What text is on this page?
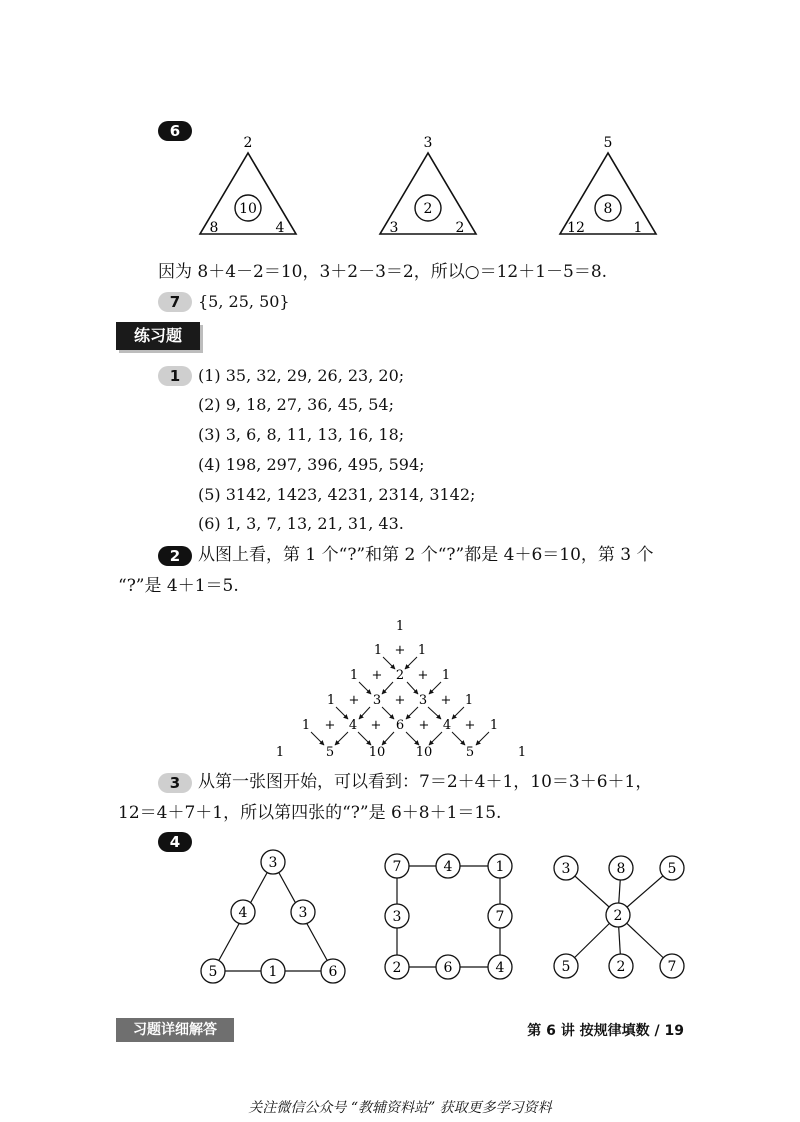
6
2
10
8	4
3
2
3	2
5
8
12	1
因为 8＋4－2＝10，3＋2－3＝2，所以○＝12＋1－5＝8.
7	{5, 25, 50}
练习题
1	(1) 35, 32, 29, 26, 23, 20;
(2) 9, 18, 27, 36, 45, 54;
(3) 3, 6, 8, 11, 13, 16, 18;
(4) 198, 297, 396, 495, 594;
(5) 3142, 1423, 4231, 2314, 3142;
(6) 1, 3, 7, 13, 21, 31, 43.
2	从图上看，第 1 个“?”和第 2 个“?”都是 4＋6＝10，第 3 个
“?”是 4＋1＝5.
1
1 + 1
1 + 2 + 1
1 + 3 + 3 + 1
1 + 4 + 6 + 4 + 1
1	5	10 10	5	1
3	从第一张图开始，可以看到：7＝2＋4＋1，10＝3＋6＋1，
12＝4＋7＋1，所以第四张的“?”是 6＋8＋1＝15.
4
3
4	3
5	1	6
7	4	1
3	7
2	6	4
3	8	5
2
5	2	7
习题详细解答	第 6 讲 按规律填数 / 19
关注微信公众号 “教辅资料站” 获取更多学习资料
